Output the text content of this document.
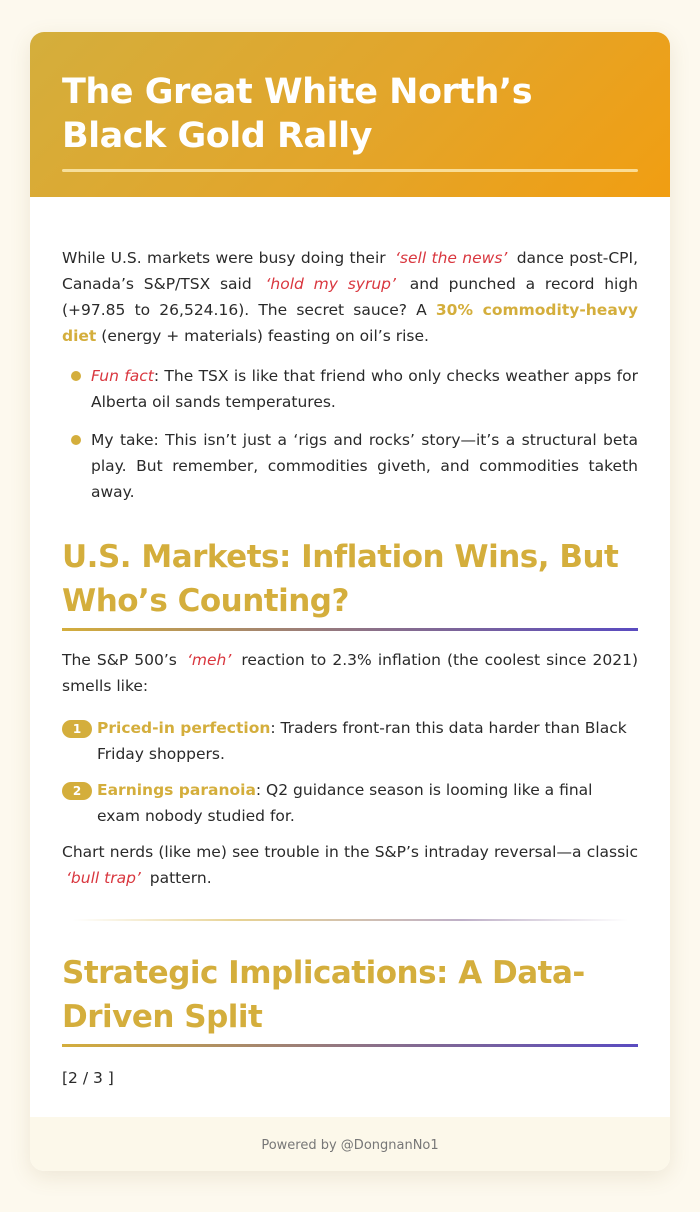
The Great White North’s Black Gold Rally

While U.S. markets were busy doing their ‘sell the news’ dance post-CPI, Canada’s S&P/TSX said ‘hold my syrup’ and punched a record high (+97.85 to 26,524.16). The secret sauce? A 30% commodity-heavy diet (energy + materials) feasting on oil’s rise.

Fun fact: The TSX is like that friend who only checks weather apps for Alberta oil sands temperatures.
My take: This isn’t just a ‘rigs and rocks’ story—it’s a structural beta play. But remember, commodities giveth, and commodities taketh away.
U.S. Markets: Inflation Wins, But Who’s Counting?

The S&P 500’s ‘meh’ reaction to 2.3% inflation (the coolest since 2021) smells like:

1	Priced-in perfection: Traders front-ran this data harder than Black Friday shoppers.
2	Earnings paranoia: Q2 guidance season is looming like a final exam nobody studied for.

Chart nerds (like me) see trouble in the S&P’s intraday reversal—a classic ‘bull trap’ pattern.

Strategic Implications: A Data-Driven Split

[2 / 3 ]

Powered by @DongnanNo1
